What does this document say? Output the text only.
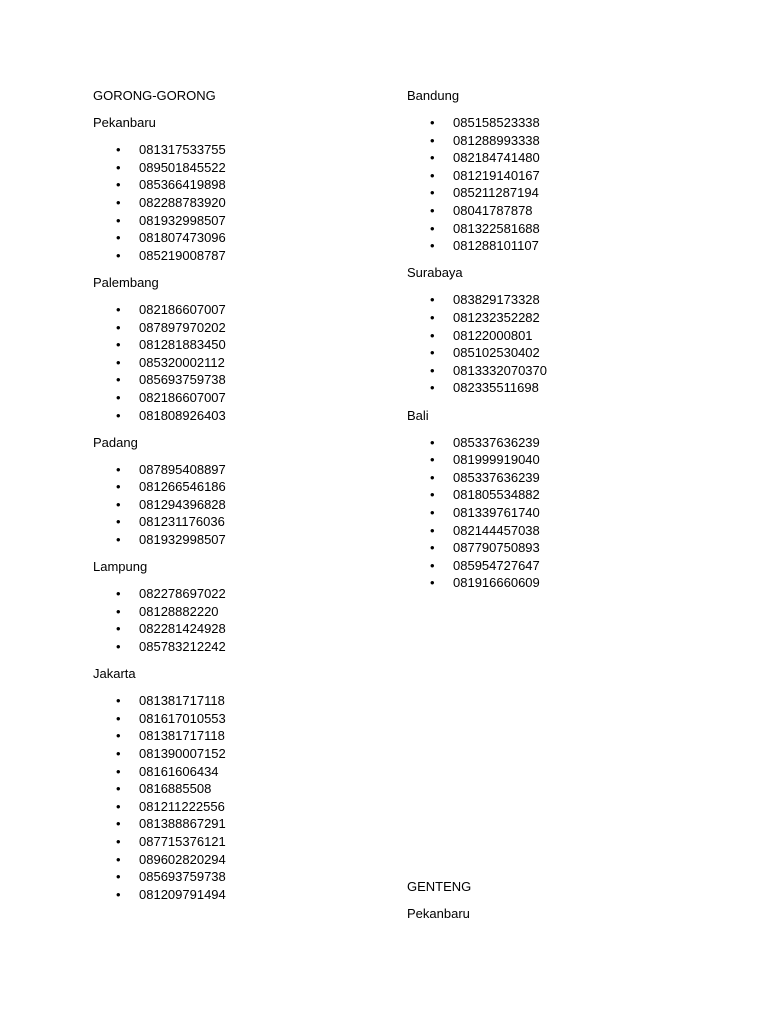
GORONG-GORONG
Pekanbaru
• 081317533755
• 089501845522
• 085366419898
• 082288783920
• 081932998507
• 081807473096
• 085219008787
Palembang
• 082186607007
• 087897970202
• 081281883450
• 085320002112
• 085693759738
• 082186607007
• 081808926403
Padang
• 087895408897
• 081266546186
• 081294396828
• 081231176036
• 081932998507
Lampung
• 082278697022
• 08128882220
• 082281424928
• 085783212242
Jakarta
• 081381717118
• 081617010553
• 081381717118
• 081390007152
• 08161606434
• 0816885508
• 081211222556
• 081388867291
• 087715376121
• 089602820294
• 085693759738
• 081209791494
Bandung
• 085158523338
• 081288993338
• 082184741480
• 081219140167
• 085211287194
• 08041787878
• 081322581688
• 081288101107
Surabaya
• 083829173328
• 081232352282
• 08122000801
• 085102530402
• 0813332070370
• 082335511698
Bali
• 085337636239
• 081999919040
• 085337636239
• 081805534882
• 081339761740
• 082144457038
• 087790750893
• 085954727647
• 081916660609
GENTENG
Pekanbaru
